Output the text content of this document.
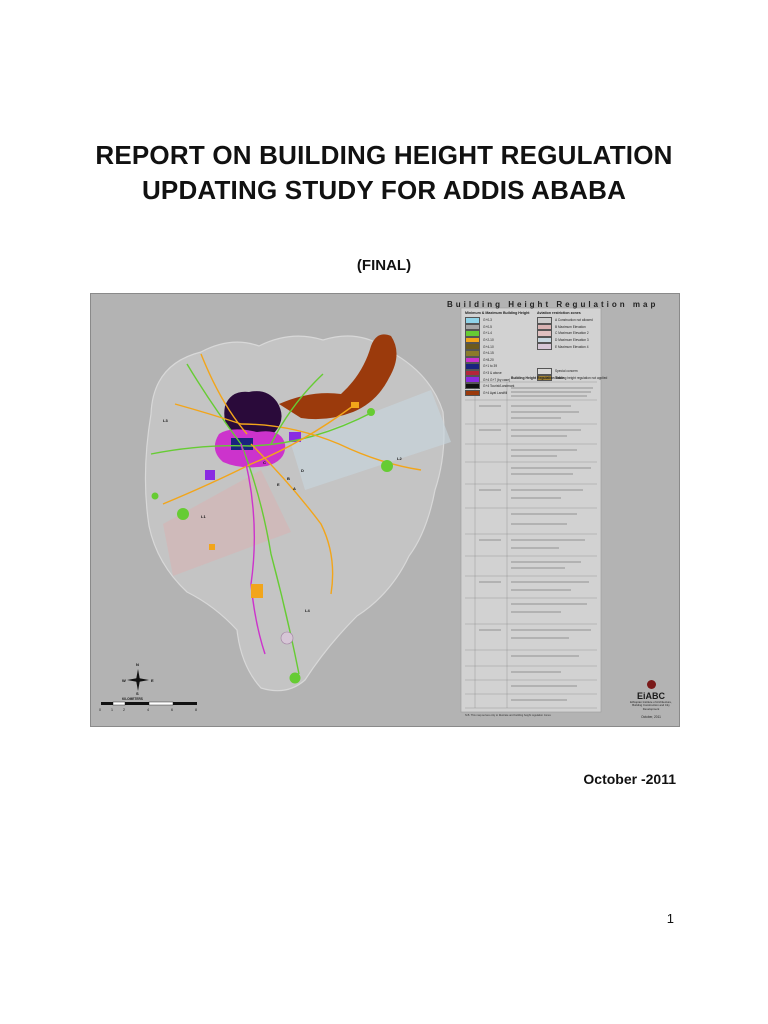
REPORT ON BUILDING HEIGHT REGULATION
UPDATING STUDY FOR ADDIS ABABA
(FINAL)
Building Height Regulation map
Minimum & Maximum Building Height
G+0-3
G+0-5
G+1-4
G+2-10
G+4-10
G+4-15
G+8-20
G+1 to 39
G+3 & above
G+4 G+7 (by case)
G+4 Tourist/Landmark
G+4 Ayat Landfill
Aviation restriction zones
A Construction not allowed
B Maximum Elevation
C Maximum Elevation 2
D Maximum Elevation 3
E Maximum Elevation 4
Special concern
Building height regulation not applied
Building Height Regulation Table
EiABC
Ethiopian Institute of Architecture, Building Construction and City Development
October, 2011
N
S
W	E
KILOMETERS
0	1	2	4	6	8
N.B. This map serves only to illustrate and building height regulation zones
C
B
A
D
E
L2
L1
L3
L4
October -2011
1
